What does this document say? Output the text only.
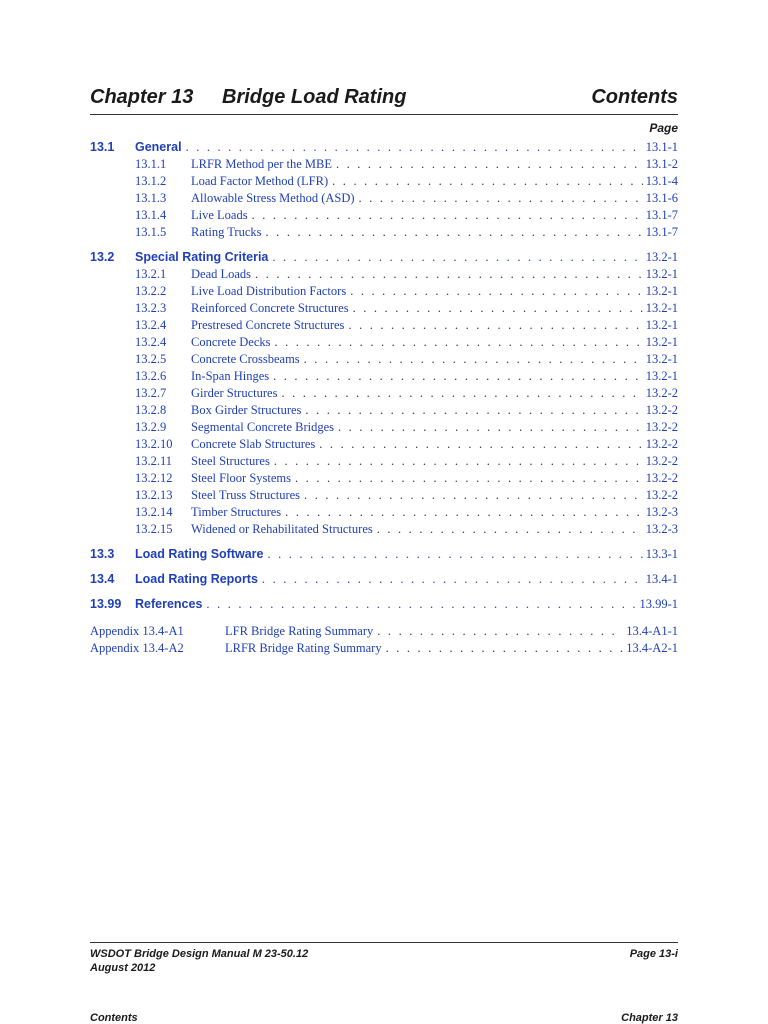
Chapter 13 Bridge Load Rating	Contents
Page
13.1 General . . .	13.1-1
13.1.1 LRFR Method per the MBE . . .	13.1-2
13.1.2 Load Factor Method (LFR) . . .	13.1-4
13.1.3 Allowable Stress Method (ASD) . . .	13.1-6
13.1.4 Live Loads . . .	13.1-7
13.1.5 Rating Trucks . . .	13.1-7
13.2 Special Rating Criteria . . .	13.2-1
13.2.1 Dead Loads . . .	13.2-1
13.2.2 Live Load Distribution Factors . . .	13.2-1
13.2.3 Reinforced Concrete Structures . . .	13.2-1
13.2.4 Prestresed Concrete Structures . . .	13.2-1
13.2.4 Concrete Decks . . .	13.2-1
13.2.5 Concrete Crossbeams . . .	13.2-1
13.2.6 In-Span Hinges . . .	13.2-1
13.2.7 Girder Structures . . .	13.2-2
13.2.8 Box Girder Structures . . .	13.2-2
13.2.9 Segmental Concrete Bridges . . .	13.2-2
13.2.10 Concrete Slab Structures . . .	13.2-2
13.2.11 Steel Structures . . .	13.2-2
13.2.12 Steel Floor Systems . . .	13.2-2
13.2.13 Steel Truss Structures . . .	13.2-2
13.2.14 Timber Structures . . .	13.2-3
13.2.15 Widened or Rehabilitated Structures . . .	13.2-3
13.3 Load Rating Software . . .	13.3-1
13.4 Load Rating Reports . . .	13.4-1
13.99 References . . .	13.99-1
Appendix 13.4-A1	LFR Bridge Rating Summary . . .	13.4-A1-1
Appendix 13.4-A2	LRFR Bridge Rating Summary . . .	13.4-A2-1
WSDOT Bridge Design Manual M 23-50.12
August 2012
Page 13-i
Contents	Chapter 13
